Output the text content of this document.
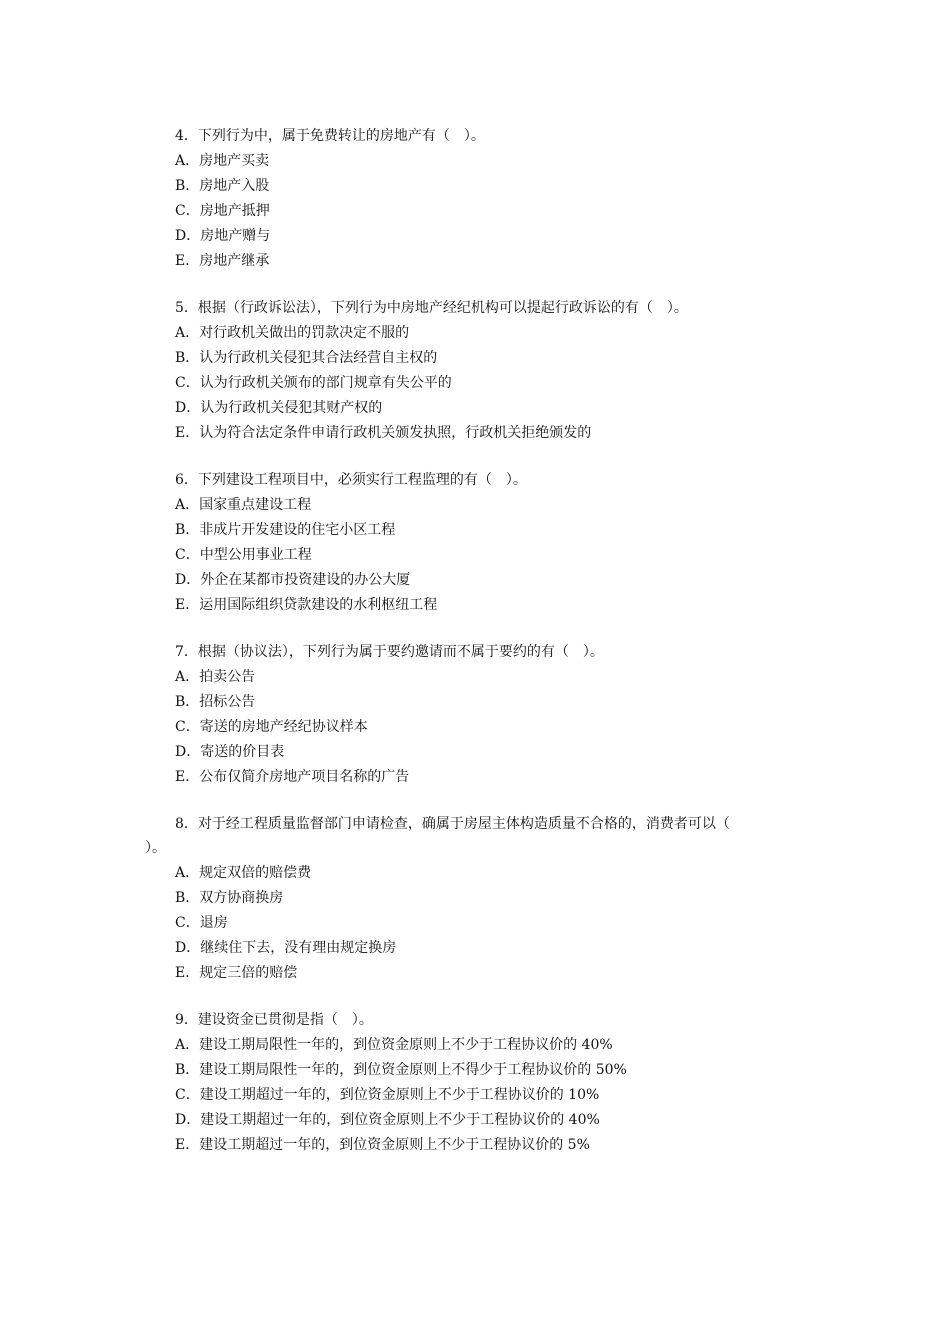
4．下列行为中，属于免费转让的房地产有（　）。
A．房地产买卖
B．房地产入股
C．房地产抵押
D．房地产赠与
E．房地产继承
5．根据（行政诉讼法），下列行为中房地产经纪机构可以提起行政诉讼的有（　）。
A．对行政机关做出的罚款决定不服的
B．认为行政机关侵犯其合法经营自主权的
C．认为行政机关颁布的部门规章有失公平的
D．认为行政机关侵犯其财产权的
E．认为符合法定条件申请行政机关颁发执照，行政机关拒绝颁发的
6．下列建设工程项目中，必须实行工程监理的有（　）。
A．国家重点建设工程
B．非成片开发建设的住宅小区工程
C．中型公用事业工程
D．外企在某都市投资建设的办公大厦
E．运用国际组织贷款建设的水利枢纽工程
7．根据（协议法），下列行为属于要约邀请而不属于要约的有（　）。
A．拍卖公告
B．招标公告
C．寄送的房地产经纪协议样本
D．寄送的价目表
E．公布仅简介房地产项目名称的广告
8．对于经工程质量监督部门申请检查，确属于房屋主体构造质量不合格的，消费者可以（
）。
A．规定双倍的赔偿费
B．双方协商换房
C．退房
D．继续住下去，没有理由规定换房
E．规定三倍的赔偿
9．建设资金已贯彻是指（　）。
A．建设工期局限性一年的，到位资金原则上不少于工程协议价的 40%
B．建设工期局限性一年的，到位资金原则上不得少于工程协议价的 50%
C．建设工期超过一年的，到位资金原则上不少于工程协议价的 10%
D．建设工期超过一年的，到位资金原则上不少于工程协议价的 40%
E．建设工期超过一年的，到位资金原则上不少于工程协议价的 5%
